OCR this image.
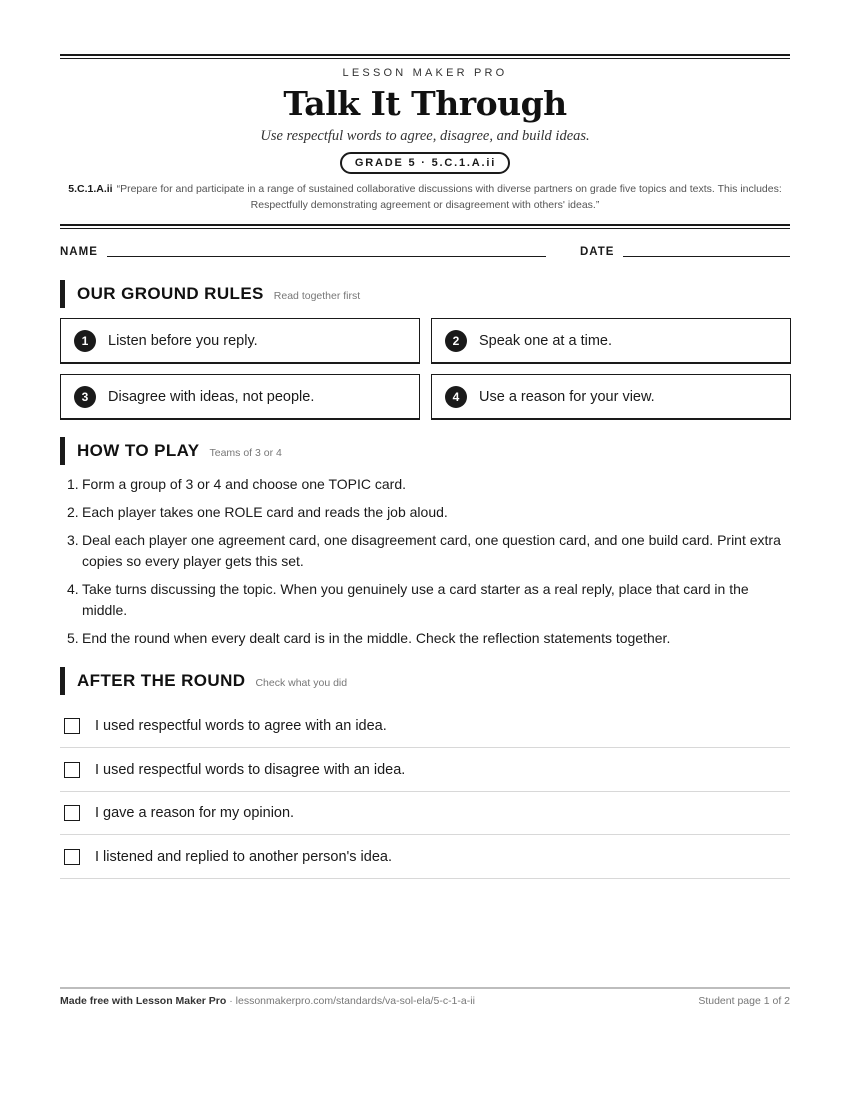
LESSON MAKER PRO
Talk It Through
Use respectful words to agree, disagree, and build ideas.
GRADE 5 · 5.C.1.A.ii
5.C.1.A.ii “Prepare for and participate in a range of sustained collaborative discussions with diverse partners on grade five topics and texts. This includes: Respectfully demonstrating agreement or disagreement with others' ideas.”
NAME	DATE
OUR GROUND RULES Read together first
1	Listen before you reply.	2	Speak one at a time.
3	Disagree with ideas, not people.	4	Use a reason for your view.
HOW TO PLAY Teams of 3 or 4
1. Form a group of 3 or 4 and choose one TOPIC card.
2. Each player takes one ROLE card and reads the job aloud.
3. Deal each player one agreement card, one disagreement card, one question card, and one build card. Print extra copies so every player gets this set.
4. Take turns discussing the topic. When you genuinely use a card starter as a real reply, place that card in the middle.
5. End the round when every dealt card is in the middle. Check the reflection statements together.
AFTER THE ROUND Check what you did
I used respectful words to agree with an idea.
I used respectful words to disagree with an idea.
I gave a reason for my opinion.
I listened and replied to another person's idea.
Made free with Lesson Maker Pro · lessonmakerpro.com/standards/va-sol-ela/5-c-1-a-ii	Student page 1 of 2
